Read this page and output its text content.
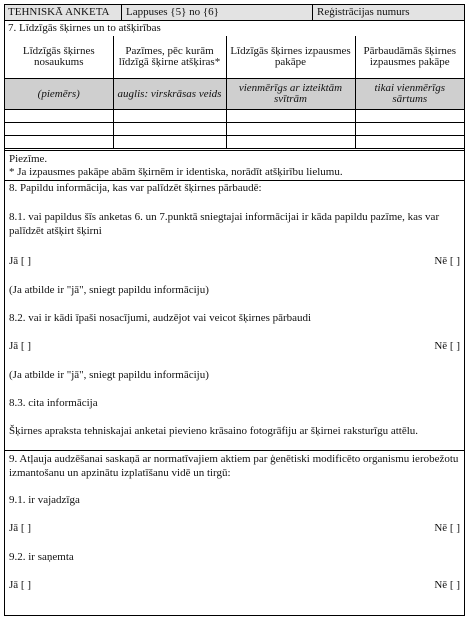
TEHNISKĀ ANKETA	Lappuses {5} no {6}	Reģistrācijas numurs
7. Līdzīgās šķirnes un to atšķirības
Līdzīgās šķirnes nosaukums	Pazīmes, pēc kurām līdzīgā šķirne atšķiras*	Līdzīgās šķirnes izpausmes pakāpe	Pārbaudāmās šķirnes izpausmes pakāpe
(piemērs)	auglis: virskrāsas veids	vienmērīgs ar izteiktām svītrām	tikai vienmērīgs sārtums

Piezīme.
* Ja izpausmes pakāpe abām šķirnēm ir identiska, norādīt atšķirību lielumu.
8. Papildu informācija, kas var palīdzēt šķirnes pārbaudē:
8.1. vai papildus šīs anketas 6. un 7.punktā sniegtajai informācijai ir kāda papildu pazīme, kas var palīdzēt atšķirt šķirni
Jā [ ]	Nē [ ]
(Ja atbilde ir "jā", sniegt papildu informāciju)
8.2. vai ir kādi īpaši nosacījumi, audzējot vai veicot šķirnes pārbaudi
Jā [ ]	Nē [ ]
(Ja atbilde ir "jā", sniegt papildu informāciju)
8.3. cita informācija
Šķirnes apraksta tehniskajai anketai pievieno krāsaino fotogrāfiju ar šķirnei raksturīgu attēlu.
9. Atļauja audzēšanai saskaņā ar normatīvajiem aktiem par ģenētiski modificēto organismu ierobežotu izmantošanu un apzinātu izplatīšanu vidē un tirgū:
9.1. ir vajadzīga
Jā [ ]	Nē [ ]
9.2. ir saņemta
Jā [ ]	Nē [ ]
